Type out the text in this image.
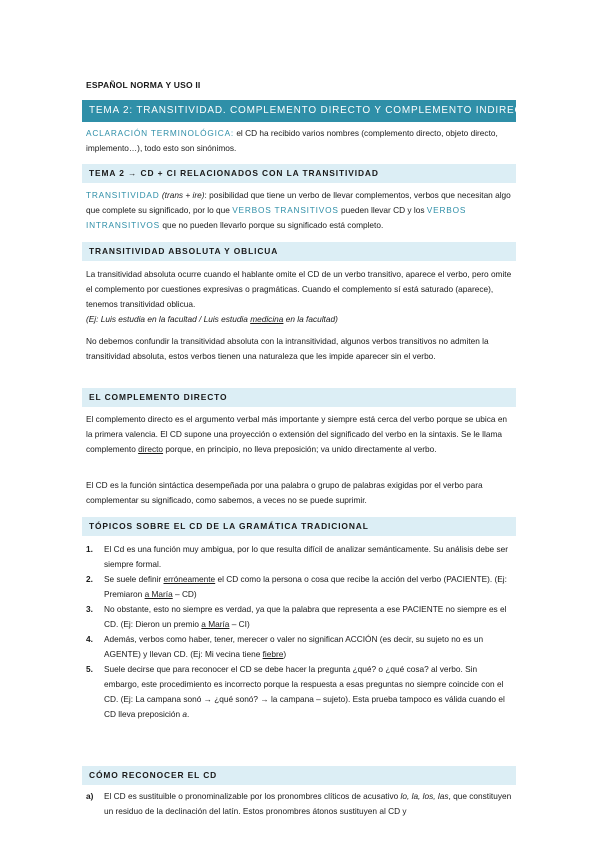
ESPAÑOL NORMA Y USO II
TEMA 2: TRANSITIVIDAD. COMPLEMENTO DIRECTO Y COMPLEMENTO INDIRECTO
ACLARACIÓN TERMINOLÓGICA: el CD ha recibido varios nombres (complemento directo, objeto directo, implemento…), todo esto son sinónimos.
TEMA 2 → CD + CI RELACIONADOS CON LA TRANSITIVIDAD
TRANSITIVIDAD (trans + ire): posibilidad que tiene un verbo de llevar complementos, verbos que necesitan algo que complete su significado, por lo que VERBOS TRANSITIVOS pueden llevar CD y los VERBOS INTRANSITIVOS que no pueden llevarlo porque su significado está completo.
TRANSITIVIDAD ABSOLUTA Y OBLICUA
La transitividad absoluta ocurre cuando el hablante omite el CD de un verbo transitivo, aparece el verbo, pero omite el complemento por cuestiones expresivas o pragmáticas. Cuando el complemento sí está saturado (aparece), tenemos transitividad oblicua.
(Ej: Luis estudia en la facultad / Luis estudia medicina en la facultad)
No debemos confundir la transitividad absoluta con la intransitividad, algunos verbos transitivos no admiten la transitividad absoluta, estos verbos tienen una naturaleza que les impide aparecer sin el verbo.
EL COMPLEMENTO DIRECTO
El complemento directo es el argumento verbal más importante y siempre está cerca del verbo porque se ubica en la primera valencia. El CD supone una proyección o extensión del significado del verbo en la sintaxis. Se le llama complemento directo porque, en principio, no lleva preposición; va unido directamente al verbo.
El CD es la función sintáctica desempeñada por una palabra o grupo de palabras exigidas por el verbo para complementar su significado, como sabemos, a veces no se puede suprimir.
TÓPICOS SOBRE EL CD DE LA GRAMÁTICA TRADICIONAL
1. El Cd es una función muy ambigua, por lo que resulta difícil de analizar semánticamente. Su análisis debe ser siempre formal.
2. Se suele definir erróneamente el CD como la persona o cosa que recibe la acción del verbo (PACIENTE). (Ej: Premiaron a María – CD)
3. No obstante, esto no siempre es verdad, ya que la palabra que representa a ese PACIENTE no siempre es el CD. (Ej: Dieron un premio a María – CI)
4. Además, verbos como haber, tener, merecer o valer no significan ACCIÓN (es decir, su sujeto no es un AGENTE) y llevan CD. (Ej: Mi vecina tiene fiebre)
5. Suele decirse que para reconocer el CD se debe hacer la pregunta ¿qué? o ¿qué cosa? al verbo. Sin embargo, este procedimiento es incorrecto porque la respuesta a esas preguntas no siempre coincide con el CD. (Ej: La campana sonó → ¿qué sonó? → la campana – sujeto). Esta prueba tampoco es válida cuando el CD lleva preposición a.
CÓMO RECONOCER EL CD
a) El CD es sustituible o pronominalizable por los pronombres clíticos de acusativo lo, la, los, las, que constituyen un residuo de la declinación del latín. Estos pronombres átonos sustituyen al CD y
